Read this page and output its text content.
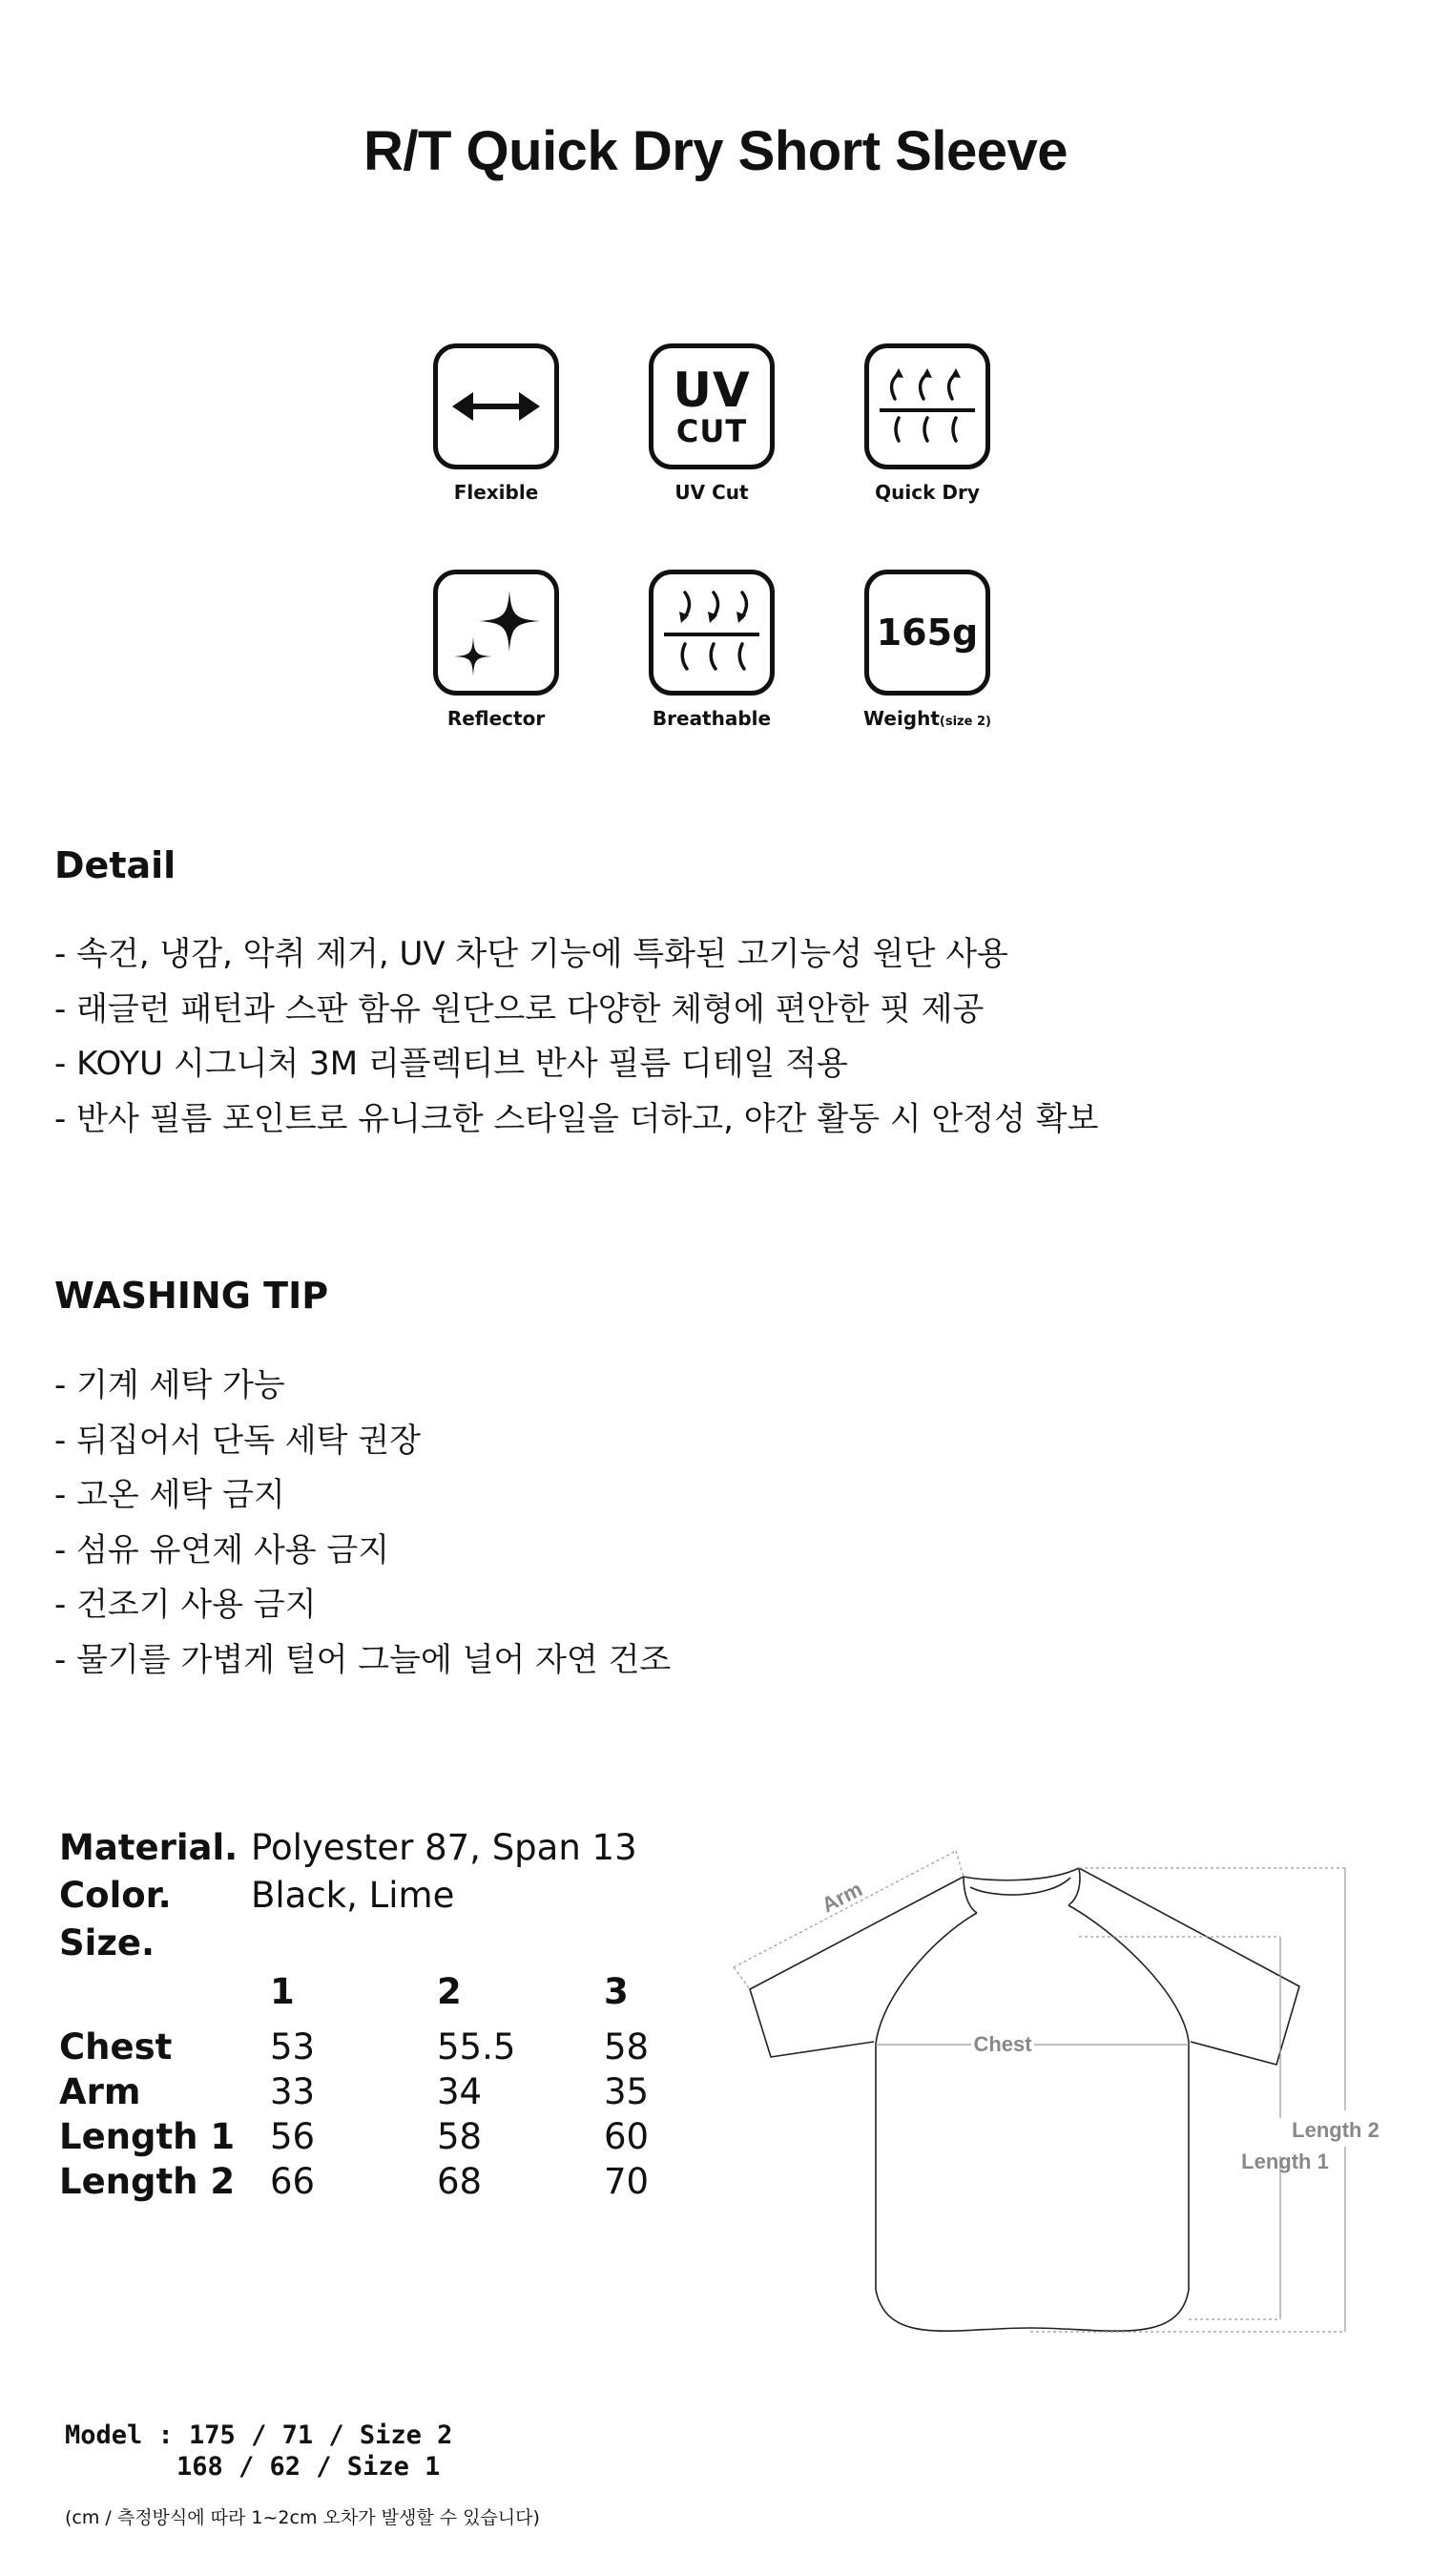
R/T Quick Dry Short Sleeve
Flexible
UV
CUT
UV Cut	Quick Dry
Reflector	Breathable
165g
Weight(size 2)
Detail
- 속건, 냉감, 악취 제거, UV 차단 기능에 특화된 고기능성 원단 사용
- 래글런 패턴과 스판 함유 원단으로 다양한 체형에 편안한 핏 제공
- KOYU 시그니처 3M 리플렉티브 반사 필름 디테일 적용
- 반사 필름 포인트로 유니크한 스타일을 더하고, 야간 활동 시 안정성 확보
WASHING TIP
- 기계 세탁 가능
- 뒤집어서 단독 세탁 권장
- 고온 세탁 금지
- 섬유 유연제 사용 금지
- 건조기 사용 금지
- 물기를 가볍게 털어 그늘에 널어 자연 건조
Material. Polyester 87, Span 13
Color. Black, Lime
Size.
1	2	3
Chest	53	55.5	58
Arm	33	34	35
Length 1 56	58	60
Length 2 66	68	70
Arm
Chest
Length 2
Length 1
Model : 175 / 71 / Size 2
168 / 62 / Size 1
(cm / 측정방식에 따라 1~2cm 오차가 발생할 수 있습니다)
